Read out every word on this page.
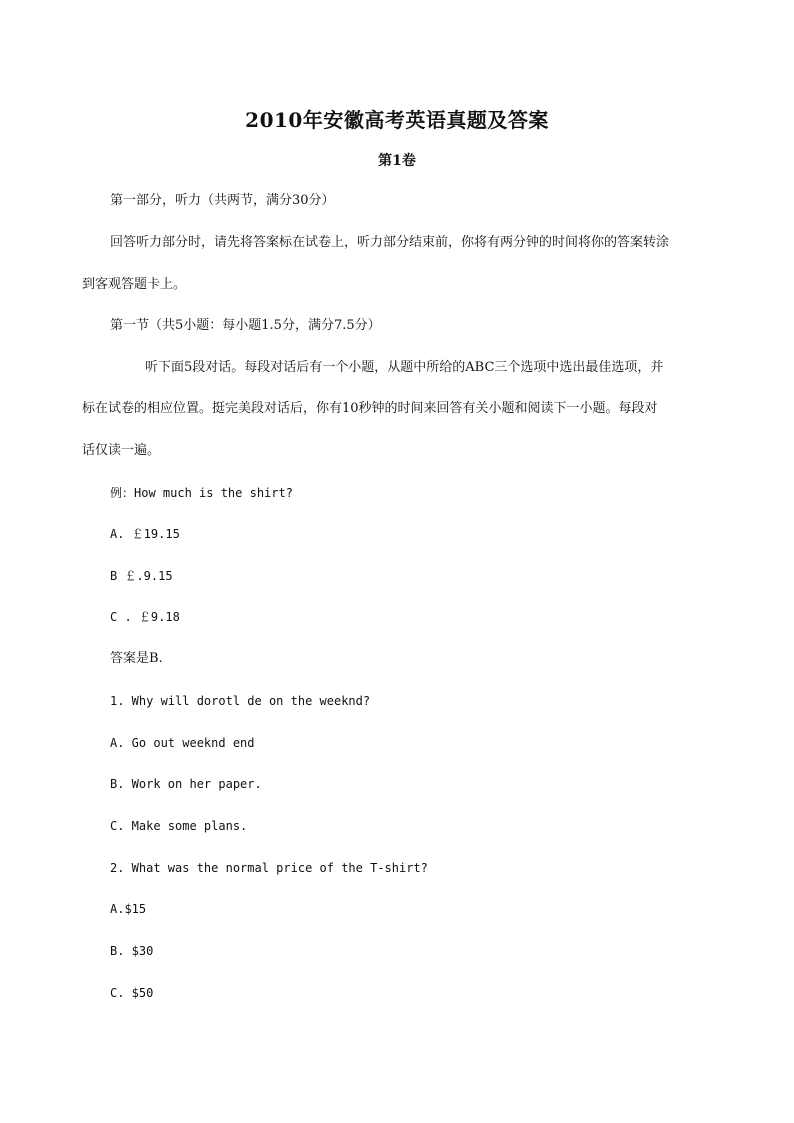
2010年安徽高考英语真题及答案
第1卷
第一部分，听力（共两节，满分30分）
回答听力部分时，请先将答案标在试卷上，听力部分结束前，你将有两分钟的时间将你的答案转涂
到客观答题卡上。
第一节（共5小题：每小题1.5分，满分7.5分）
听下面5段对话。每段对话后有一个小题，从题中所给的ABC三个选项中选出最佳选项，并
标在试卷的相应位置。挺完美段对话后，你有10秒钟的时间来回答有关小题和阅读下一小题。每段对
话仅读一遍。
例：How much is the shirt?
A. ￡19.15
B ￡.9.15
C . ￡9.18
答案是B.
1. Why will dorotl de on the weeknd?
A. Go out weeknd end
B. Work on her paper.
C. Make some plans.
2. What was the normal price of the T-shirt?
A.$15
B. $30
C. $50
